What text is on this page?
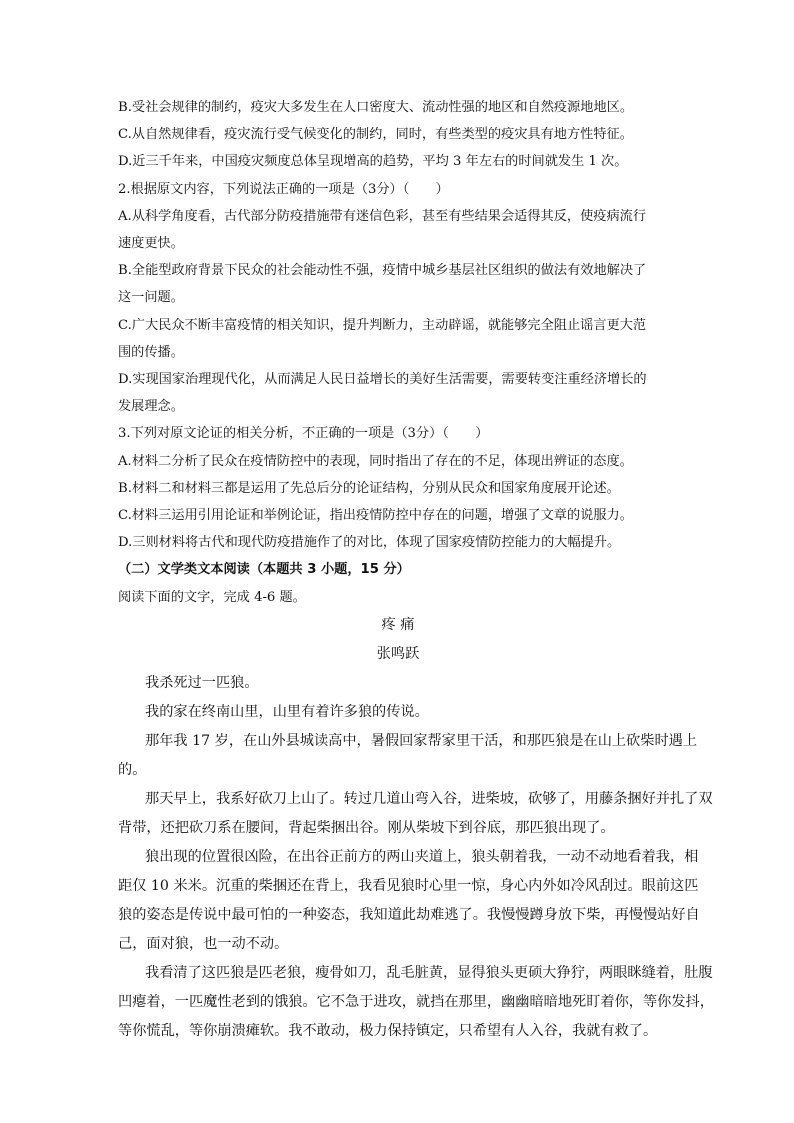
B.受社会规律的制约，疫灾大多发生在人口密度大、流动性强的地区和自然疫源地地区。

C.从自然规律看，疫灾流行受气候变化的制约，同时，有些类型的疫灾具有地方性特征。

D.近三千年来，中国疫灾频度总体呈现增高的趋势，平均 3 年左右的时间就发生 1 次。

2.根据原文内容，下列说法正确的一项是（3分）（　　）

A.从科学角度看，古代部分防疫措施带有迷信色彩，甚至有些结果会适得其反，使疫病流行

速度更快。

B.全能型政府背景下民众的社会能动性不强，疫情中城乡基层社区组织的做法有效地解决了

这一问题。

C.广大民众不断丰富疫情的相关知识，提升判断力，主动辟谣，就能够完全阻止谣言更大范

围的传播。

D.实现国家治理现代化，从而满足人民日益增长的美好生活需要，需要转变注重经济增长的

发展理念。

3.下列对原文论证的相关分析，不正确的一项是（3分）（　　）

A.材料二分析了民众在疫情防控中的表现，同时指出了存在的不足，体现出辨证的态度。

B.材料二和材料三都是运用了先总后分的论证结构，分别从民众和国家角度展开论述。

C.材料三运用引用论证和举例论证，指出疫情防控中存在的问题，增强了文章的说服力。

D.三则材料将古代和现代防疫措施作了的对比，体现了国家疫情防控能力的大幅提升。

（二）文学类文本阅读（本题共 3 小题，15 分）

阅读下面的文字，完成 4-6 题。

疼 痛

张鸣跃

我杀死过一匹狼。

我的家在终南山里，山里有着许多狼的传说。

那年我 17 岁，在山外县城读高中，暑假回家帮家里干活，和那匹狼是在山上砍柴时遇上

的。

那天早上，我系好砍刀上山了。转过几道山弯入谷，进柴坡，砍够了，用藤条捆好并扎了双

背带，还把砍刀系在腰间，背起柴捆出谷。刚从柴坡下到谷底，那匹狼出现了。

狼出现的位置很凶险，在出谷正前方的两山夹道上，狼头朝着我，一动不动地看着我，相

距仅 10 米米。沉重的柴捆还在背上，我看见狼时心里一惊，身心内外如冷风刮过。眼前这匹

狼的姿态是传说中最可怕的一种姿态，我知道此劫难逃了。我慢慢蹲身放下柴，再慢慢站好自

己，面对狼，也一动不动。

我看清了这匹狼是匹老狼，瘦骨如刀，乱毛脏黄，显得狼头更硕大狰狞，两眼眯缝着，肚腹

凹瘪着，一匹魔性老到的饿狼。它不急于进攻，就挡在那里，幽幽暗暗地死盯着你，等你发抖，

等你慌乱，等你崩溃瘫软。我不敢动，极力保持镇定，只希望有人入谷，我就有救了。
